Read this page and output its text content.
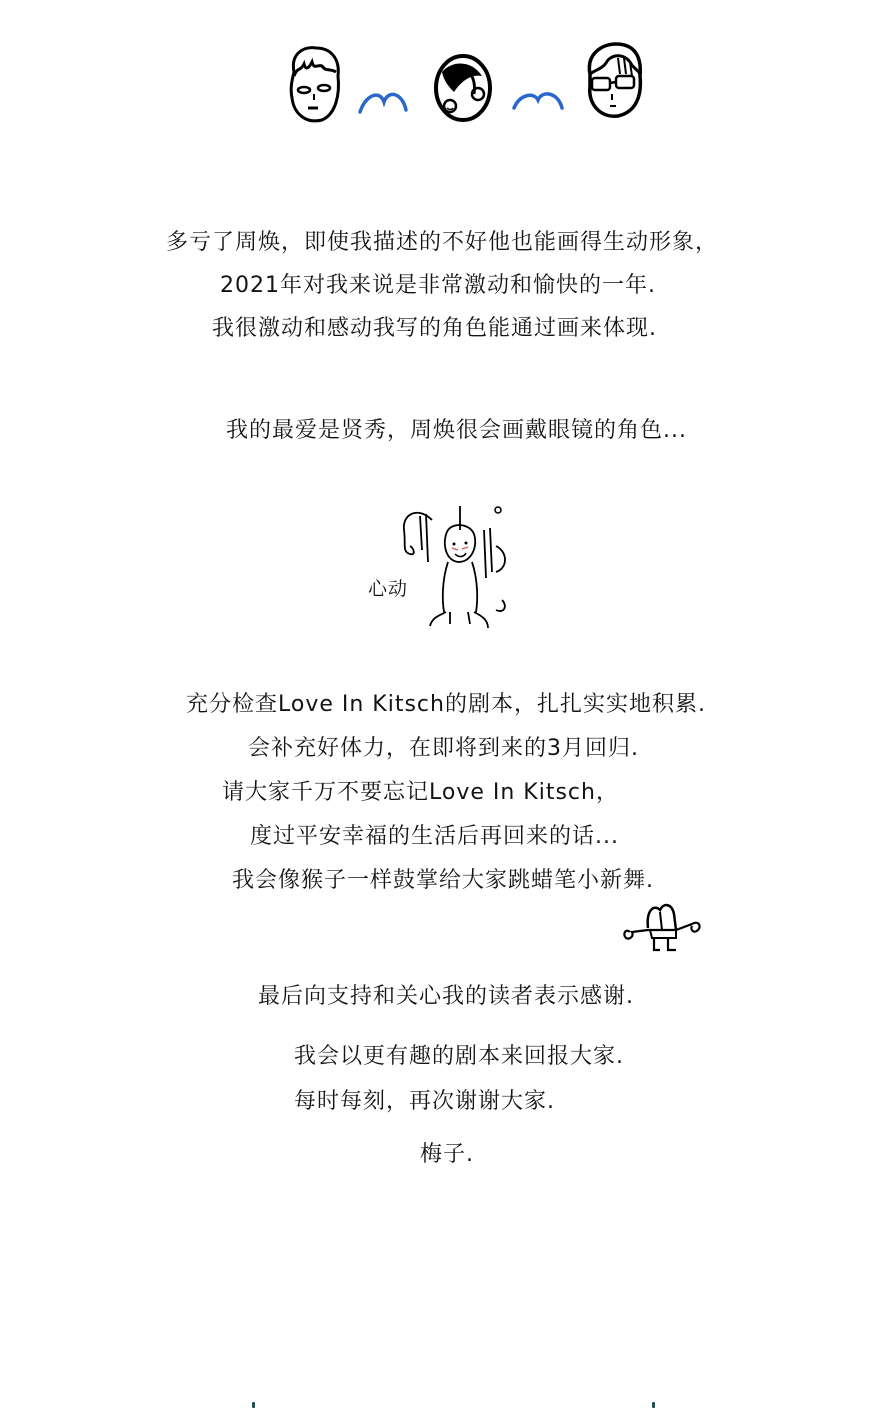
多亏了周焕，即使我描述的不好他也能画得生动形象，
2021年对我来说是非常激动和愉快的一年.
我很激动和感动我写的角色能通过画来体现.
我的最爱是贤秀，周焕很会画戴眼镜的角色...
心动
充分检查Love In Kitsch的剧本，扎扎实实地积累.
会补充好体力，在即将到来的3月回归.
请大家千万不要忘记Love In Kitsch，
度过平安幸福的生活后再回来的话...
我会像猴子一样鼓掌给大家跳蜡笔小新舞.
最后向支持和关心我的读者表示感谢.
我会以更有趣的剧本来回报大家.
每时每刻，再次谢谢大家.
梅子.
